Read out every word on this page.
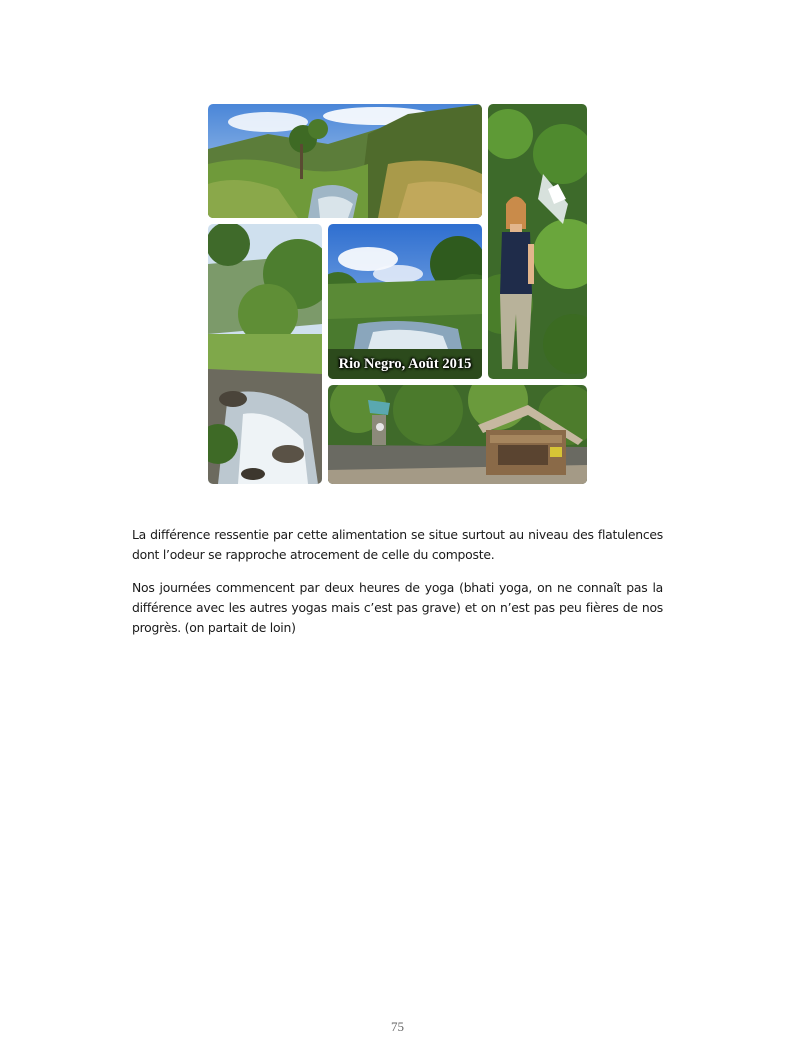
Rio Negro, Août 2015

La différence ressentie par cette alimentation se situe surtout au niveau des flatulences dont l’odeur se rapproche atrocement de celle du composte.

Nos journées commencent par deux heures de yoga (bhati yoga, on ne connaît pas la différence avec les autres yogas mais c’est pas grave) et on n’est pas peu fières de nos progrès. (on partait de loin)

75
